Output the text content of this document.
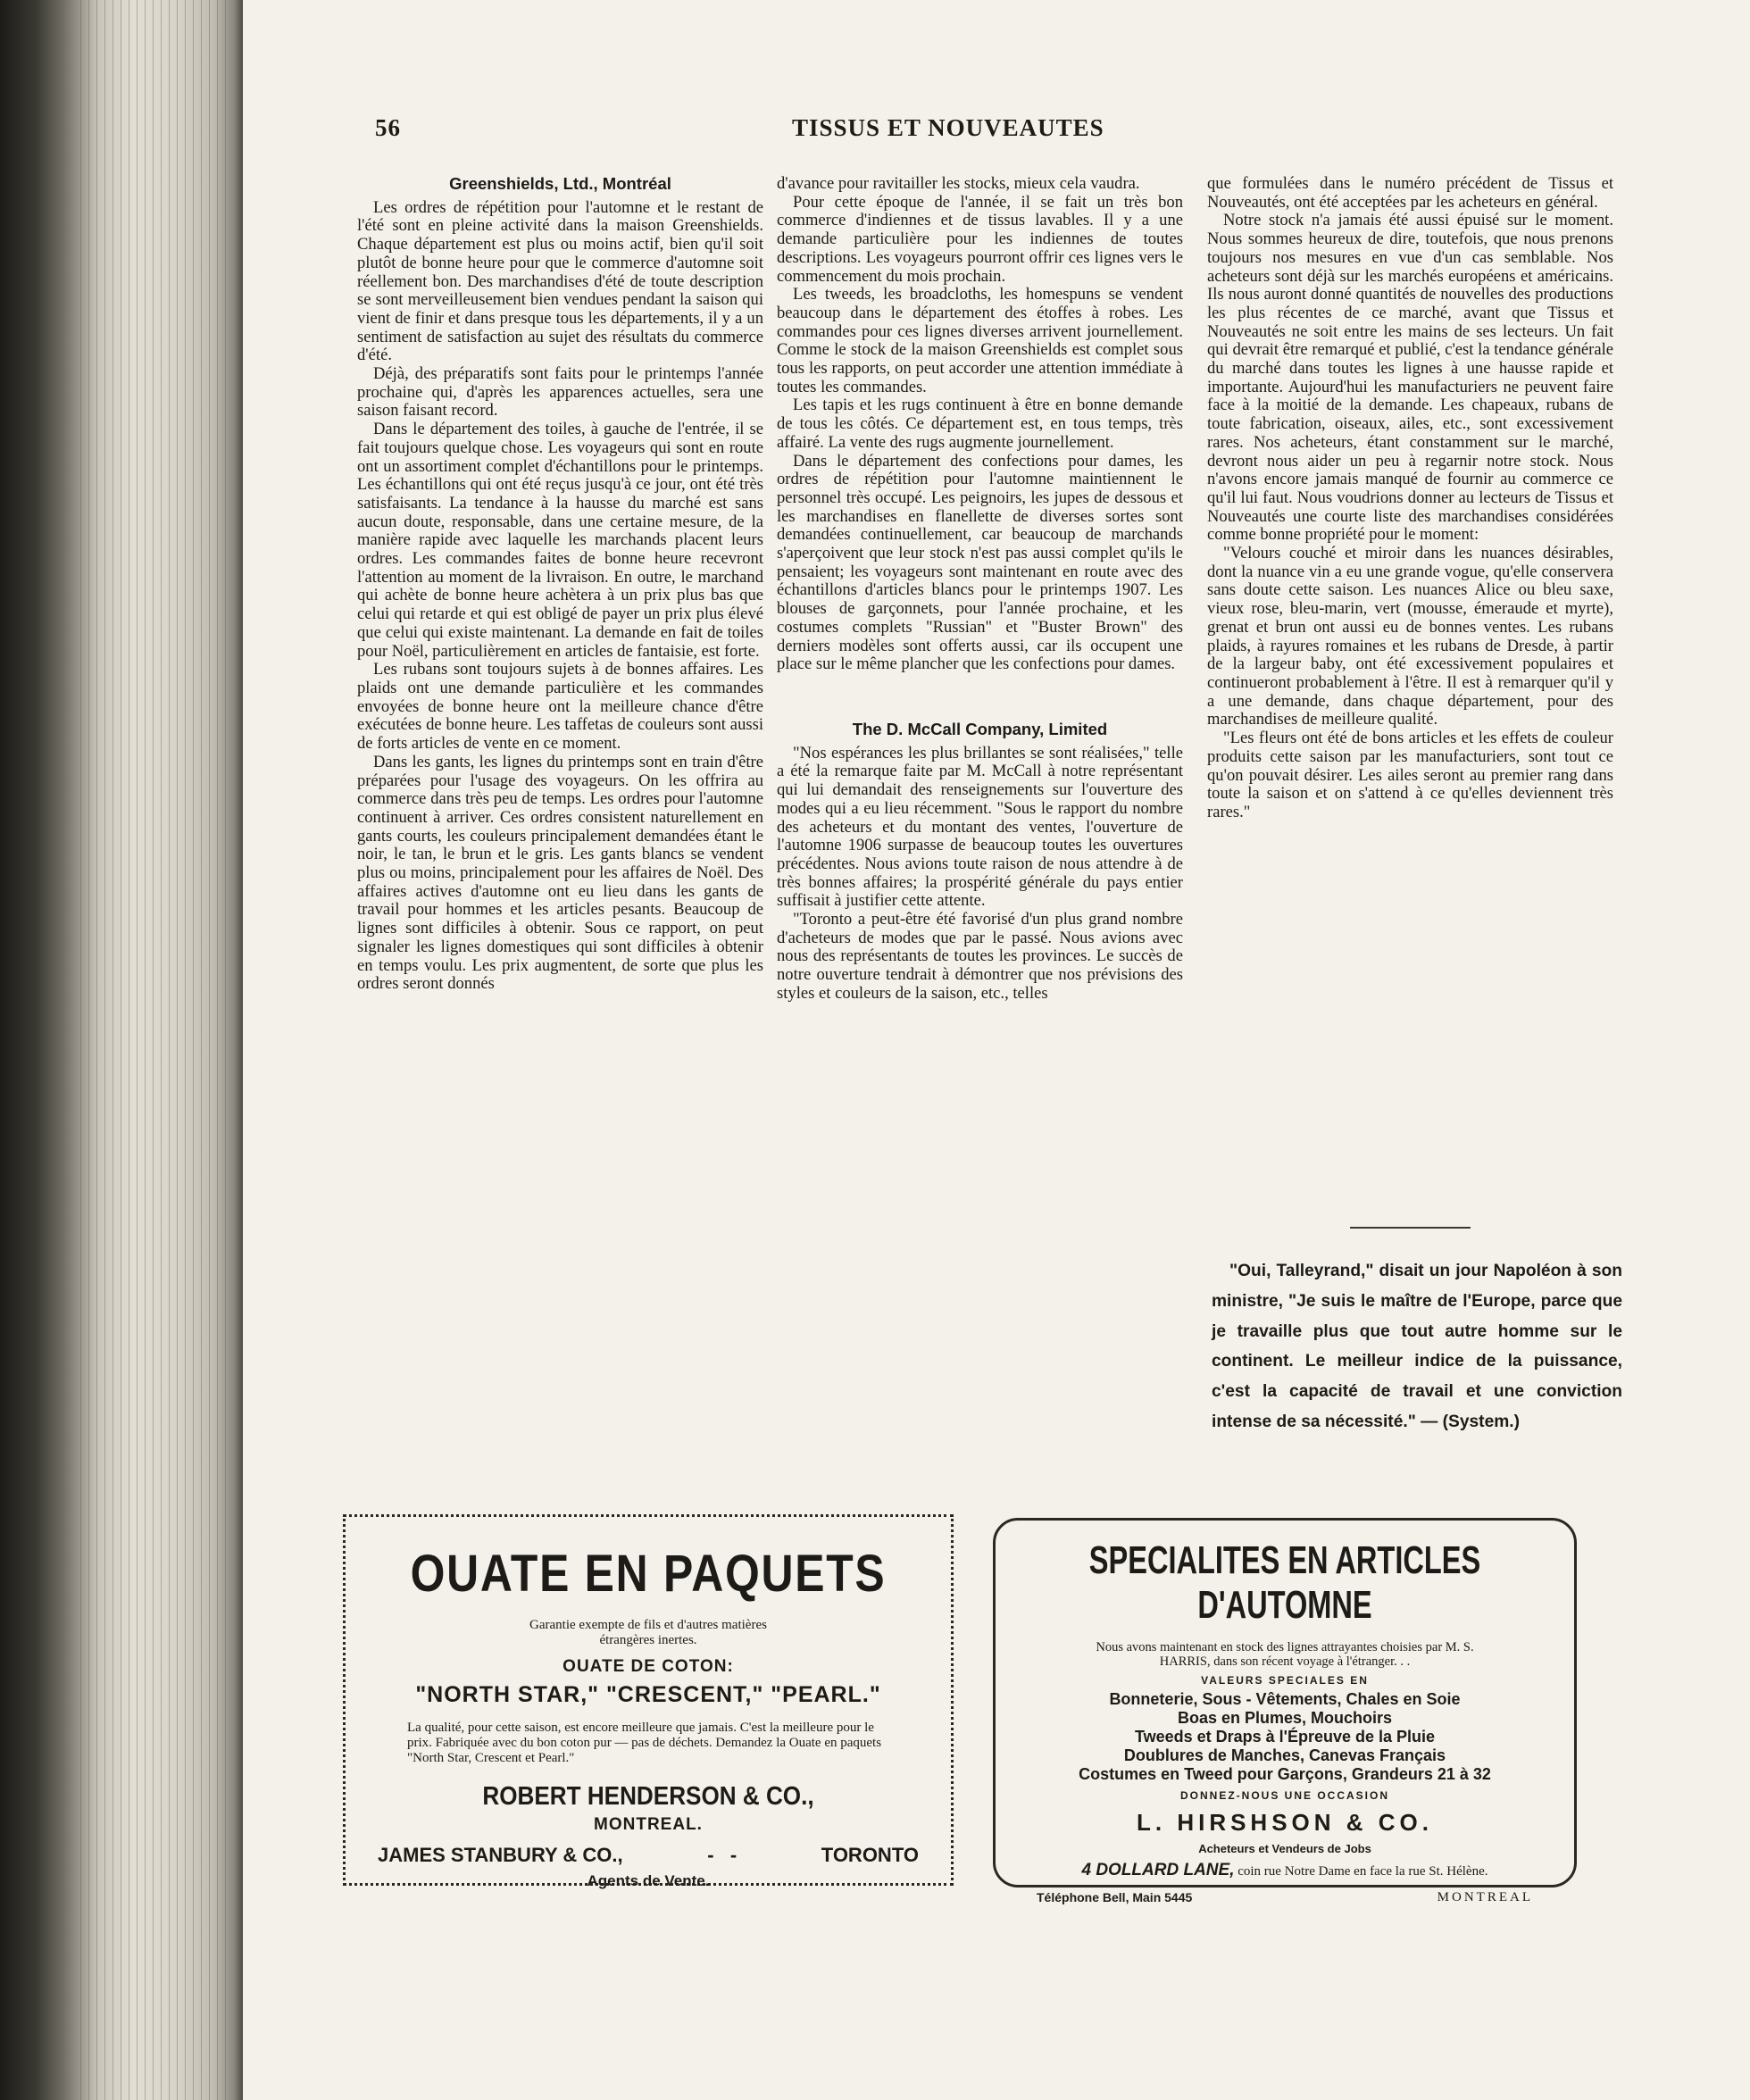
56	TISSUS ET NOUVEAUTES
Greenshields, Ltd., Montréal

Les ordres de répétition pour l'automne et le restant de l'été sont en pleine activité dans la maison Greenshields. Chaque département est plus ou moins actif, bien qu'il soit plutôt de bonne heure pour que le commerce d'automne soit réellement bon. Des marchandises d'été de toute description se sont merveilleusement bien vendues pendant la saison qui vient de finir et dans presque tous les départements, il y a un sentiment de satisfaction au sujet des résultats du commerce d'été.

Déjà, des préparatifs sont faits pour le printemps l'année prochaine qui, d'après les apparences actuelles, sera une saison faisant record.

Dans le département des toiles, à gauche de l'entrée, il se fait toujours quelque chose. Les voyageurs qui sont en route ont un assortiment complet d'échantillons pour le printemps. Les échantillons qui ont été reçus jusqu'à ce jour, ont été très satisfaisants. La tendance à la hausse du marché est sans aucun doute, responsable, dans une certaine mesure, de la manière rapide avec laquelle les marchands placent leurs ordres. Les commandes faites de bonne heure recevront l'attention au moment de la livraison. En outre, le marchand qui achète de bonne heure achètera à un prix plus bas que celui qui retarde et qui est obligé de payer un prix plus élevé que celui qui existe maintenant. La demande en fait de toiles pour Noël, particulièrement en articles de fantaisie, est forte.

Les rubans sont toujours sujets à de bonnes affaires. Les plaids ont une demande particulière et les commandes envoyées de bonne heure ont la meilleure chance d'être exécutées de bonne heure. Les taffetas de couleurs sont aussi de forts articles de vente en ce moment.

Dans les gants, les lignes du printemps sont en train d'être préparées pour l'usage des voyageurs. On les offrira au commerce dans très peu de temps. Les ordres pour l'automne continuent à arriver. Ces ordres consistent naturellement en gants courts, les couleurs principalement demandées étant le noir, le tan, le brun et le gris. Les gants blancs se vendent plus ou moins, principalement pour les affaires de Noël. Des affaires actives d'automne ont eu lieu dans les gants de travail pour hommes et les articles pesants. Beaucoup de lignes sont difficiles à obtenir. Sous ce rapport, on peut signaler les lignes domestiques qui sont difficiles à obtenir en temps voulu. Les prix augmentent, de sorte que plus les ordres seront donnés

d'avance pour ravitailler les stocks, mieux cela vaudra.

Pour cette époque de l'année, il se fait un très bon commerce d'indiennes et de tissus lavables. Il y a une demande particulière pour les indiennes de toutes descriptions. Les voyageurs pourront offrir ces lignes vers le commencement du mois prochain.

Les tweeds, les broadcloths, les homespuns se vendent beaucoup dans le département des étoffes à robes. Les commandes pour ces lignes diverses arrivent journellement. Comme le stock de la maison Greenshields est complet sous tous les rapports, on peut accorder une attention immédiate à toutes les commandes.

Les tapis et les rugs continuent à être en bonne demande de tous les côtés. Ce département est, en tous temps, très affairé. La vente des rugs augmente journellement.

Dans le département des confections pour dames, les ordres de répétition pour l'automne maintiennent le personnel très occupé. Les peignoirs, les jupes de dessous et les marchandises en flanellette de diverses sortes sont demandées continuellement, car beaucoup de marchands s'aperçoivent que leur stock n'est pas aussi complet qu'ils le pensaient; les voyageurs sont maintenant en route avec des échantillons d'articles blancs pour le printemps 1907. Les blouses de garçonnets, pour l'année prochaine, et les costumes complets "Russian" et "Buster Brown" des derniers modèles sont offerts aussi, car ils occupent une place sur le même plancher que les confections pour dames.

The D. McCall Company, Limited

"Nos espérances les plus brillantes se sont réalisées," telle a été la remarque faite par M. McCall à notre représentant qui lui demandait des renseignements sur l'ouverture des modes qui a eu lieu récemment. "Sous le rapport du nombre des acheteurs et du montant des ventes, l'ouverture de l'automne 1906 surpasse de beaucoup toutes les ouvertures précédentes. Nous avions toute raison de nous attendre à de très bonnes affaires; la prospérité générale du pays entier suffisait à justifier cette attente.

"Toronto a peut-être été favorisé d'un plus grand nombre d'acheteurs de modes que par le passé. Nous avions avec nous des représentants de toutes les provinces. Le succès de notre ouverture tendrait à démontrer que nos prévisions des styles et couleurs de la saison, etc., telles

que formulées dans le numéro précédent de Tissus et Nouveautés, ont été acceptées par les acheteurs en général.

Notre stock n'a jamais été aussi épuisé sur le moment. Nous sommes heureux de dire, toutefois, que nous prenons toujours nos mesures en vue d'un cas semblable. Nos acheteurs sont déjà sur les marchés européens et américains. Ils nous auront donné quantités de nouvelles des productions les plus récentes de ce marché, avant que Tissus et Nouveautés ne soit entre les mains de ses lecteurs. Un fait qui devrait être remarqué et publié, c'est la tendance générale du marché dans toutes les lignes à une hausse rapide et importante. Aujourd'hui les manufacturiers ne peuvent faire face à la moitié de la demande. Les chapeaux, rubans de toute fabrication, oiseaux, ailes, etc., sont excessivement rares. Nos acheteurs, étant constamment sur le marché, devront nous aider un peu à regarnir notre stock. Nous n'avons encore jamais manqué de fournir au commerce ce qu'il lui faut. Nous voudrions donner au lecteurs de Tissus et Nouveautés une courte liste des marchandises considérées comme bonne propriété pour le moment:

"Velours couché et miroir dans les nuances désirables, dont la nuance vin a eu une grande vogue, qu'elle conservera sans doute cette saison. Les nuances Alice ou bleu saxe, vieux rose, bleu-marin, vert (mousse, émeraude et myrte), grenat et brun ont aussi eu de bonnes ventes. Les rubans plaids, à rayures romaines et les rubans de Dresde, à partir de la largeur baby, ont été excessivement populaires et continueront probablement à l'être. Il est à remarquer qu'il y a une demande, dans chaque département, pour des marchandises de meilleure qualité.

"Les fleurs ont été de bons articles et les effets de couleur produits cette saison par les manufacturiers, sont tout ce qu'on pouvait désirer. Les ailes seront au premier rang dans toute la saison et on s'attend à ce qu'elles deviennent très rares."

"Oui, Talleyrand," disait un jour Napoléon à son ministre, "Je suis le maître de l'Europe, parce que je travaille plus que tout autre homme sur le continent. Le meilleur indice de la puissance, c'est la capacité de travail et une conviction intense de sa nécessité." — (System.)
OUATE EN PAQUETS
Garantie exempte de fils et d'autres matières étrangères inertes.
OUATE DE COTON:
"NORTH STAR," "CRESCENT," "PEARL."
La qualité, pour cette saison, est encore meilleure que jamais. C'est la meilleure pour le prix. Fabriquée avec du bon coton pur — pas de déchets. Demandez la Ouate en paquets "North Star, Crescent et Pearl."
ROBERT HENDERSON & CO.,
MONTREAL.
JAMES STANBURY & CO.,	-   -	TORONTO
Agents de Vente.
SPECIALITES EN ARTICLES D'AUTOMNE
Nous avons maintenant en stock des lignes attrayantes choisies par M. S. HARRIS, dans son récent voyage à l'étranger. . .
VALEURS SPECIALES EN
Bonneterie, Sous - Vêtements, Chales en Soie
Boas en Plumes, Mouchoirs
Tweeds et Draps à l'Épreuve de la Pluie
Doublures de Manches, Canevas Français
Costumes en Tweed pour Garçons, Grandeurs 21 à 32
DONNEZ-NOUS UNE OCCASION
L. HIRSHSON & CO.
Acheteurs et Vendeurs de Jobs
4 DOLLARD LANE, coin rue Notre Dame en face la rue St. Hélène.
Téléphone Bell, Main 5445	MONTREAL
